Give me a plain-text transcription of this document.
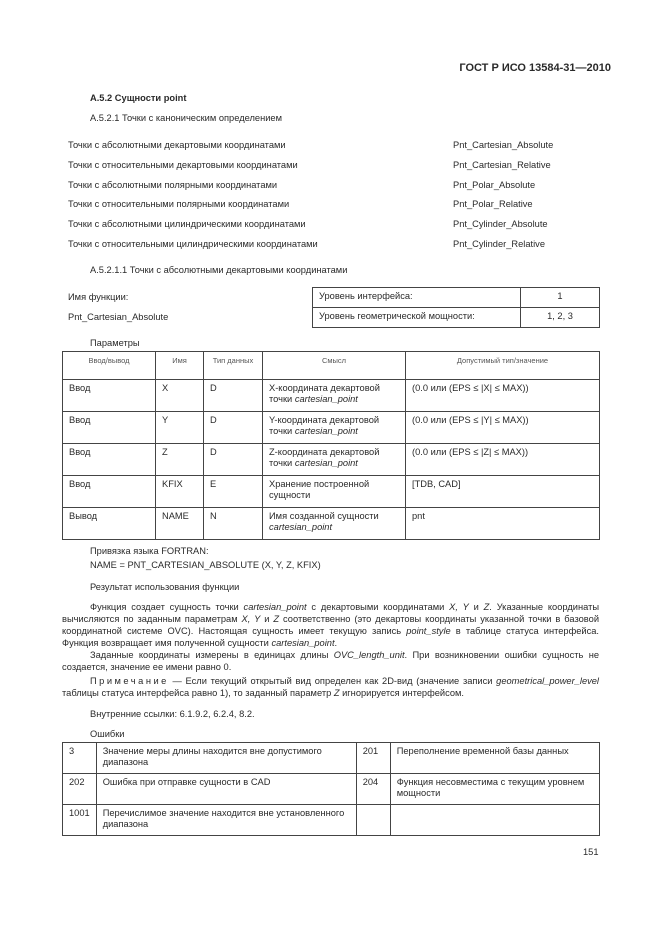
ГОСТ Р ИСО 13584-31—2010
А.5.2 Сущности point
А.5.2.1 Точки с каноническим определением
Точки с абсолютными декартовыми координатами	Pnt_Cartesian_Absolute
Точки с относительными декартовыми координатами	Pnt_Cartesian_Relative
Точки с абсолютными полярными координатами	Pnt_Polar_Absolute
Точки с относительными полярными координатами	Pnt_Polar_Relative
Точки с абсолютными цилиндрическими координатами	Pnt_Cylinder_Absolute
Точки с относительными цилиндрическими координатами	Pnt_Cylinder_Relative
А.5.2.1.1 Точки с абсолютными декартовыми координатами
Имя функции:
Pnt_Cartesian_Absolute
Уровень интерфейса:	1
Уровень геометрической мощности:	1, 2, 3
Параметры
Ввод/вывод	Имя	Тип данных	Смысл	Допустимый тип/значение
Ввод	X	D	X-координата декартовой точки cartesian_point	(0.0 или (EPS ≤ |X| ≤ MAX))
Ввод	Y	D	Y-координата декартовой точки cartesian_point	(0.0 или (EPS ≤ |Y| ≤ MAX))
Ввод	Z	D	Z-координата декартовой точки cartesian_point	(0.0 или (EPS ≤ |Z| ≤ MAX))
Ввод	KFIX	E	Хранение построенной сущности	[TDB, CAD]
Вывод	NAME	N	Имя созданной сущности cartesian_point	pnt
Привязка языка FORTRAN:
NAME = PNT_CARTESIAN_ABSOLUTE (X, Y, Z, KFIX)
Результат использования функции
Функция создает сущность точки cartesian_point с декартовыми координатами X, Y и Z. Указанные координаты вычисляются по заданным параметрам X, Y и Z соответственно (это декартовы координаты указанной точки в базовой координатной системе OVC). Настоящая сущность имеет текущую запись point_style в таблице статуса интерфейса. Функция возвращает имя полученной сущности cartesian_point.
Заданные координаты измерены в единицах длины OVC_length_unit. При возникновении ошибки сущность не создается, значение ее имени равно 0.
Примечание — Если текущий открытый вид определен как 2D-вид (значение записи geometrical_power_level таблицы статуса интерфейса равно 1), то заданный параметр Z игнорируется интерфейсом.
Внутренние ссылки: 6.1.9.2, 6.2.4, 8.2.
Ошибки
3	Значение меры длины находится вне допустимого диапазона	201	Переполнение временной базы данных
202	Ошибка при отправке сущности в CAD	204	Функция несовместима с текущим уровнем мощности
1001	Перечислимое значение находится вне установленного диапазона		
151
